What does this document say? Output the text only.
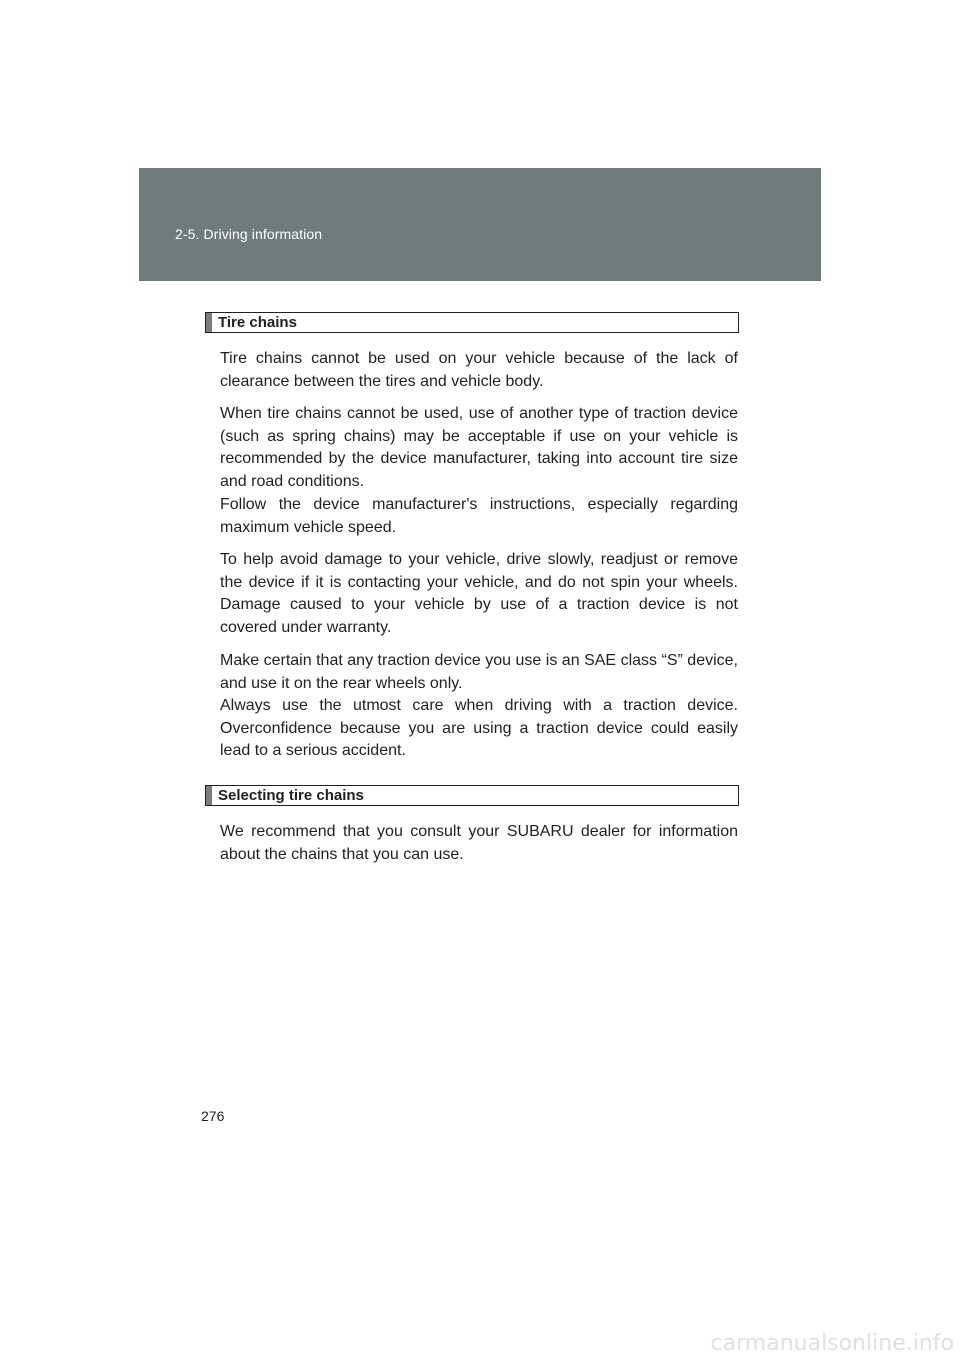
2-5. Driving information
Tire chains

Tire chains cannot be used on your vehicle because of the lack of clearance between the tires and vehicle body.

When tire chains cannot be used, use of another type of traction device (such as spring chains) may be acceptable if use on your vehicle is recommended by the device manufacturer, taking into account tire size and road conditions.

Follow the device manufacturer's instructions, especially regarding maximum vehicle speed.

To help avoid damage to your vehicle, drive slowly, readjust or remove the device if it is contacting your vehicle, and do not spin your wheels. Damage caused to your vehicle by use of a traction device is not covered under warranty.

Make certain that any traction device you use is an SAE class “S” device, and use it on the rear wheels only.

Always use the utmost care when driving with a traction device. Overconfidence because you are using a traction device could easily lead to a serious accident.

Selecting tire chains

We recommend that you consult your SUBARU dealer for information about the chains that you can use.

276
carmanualsonline.info
